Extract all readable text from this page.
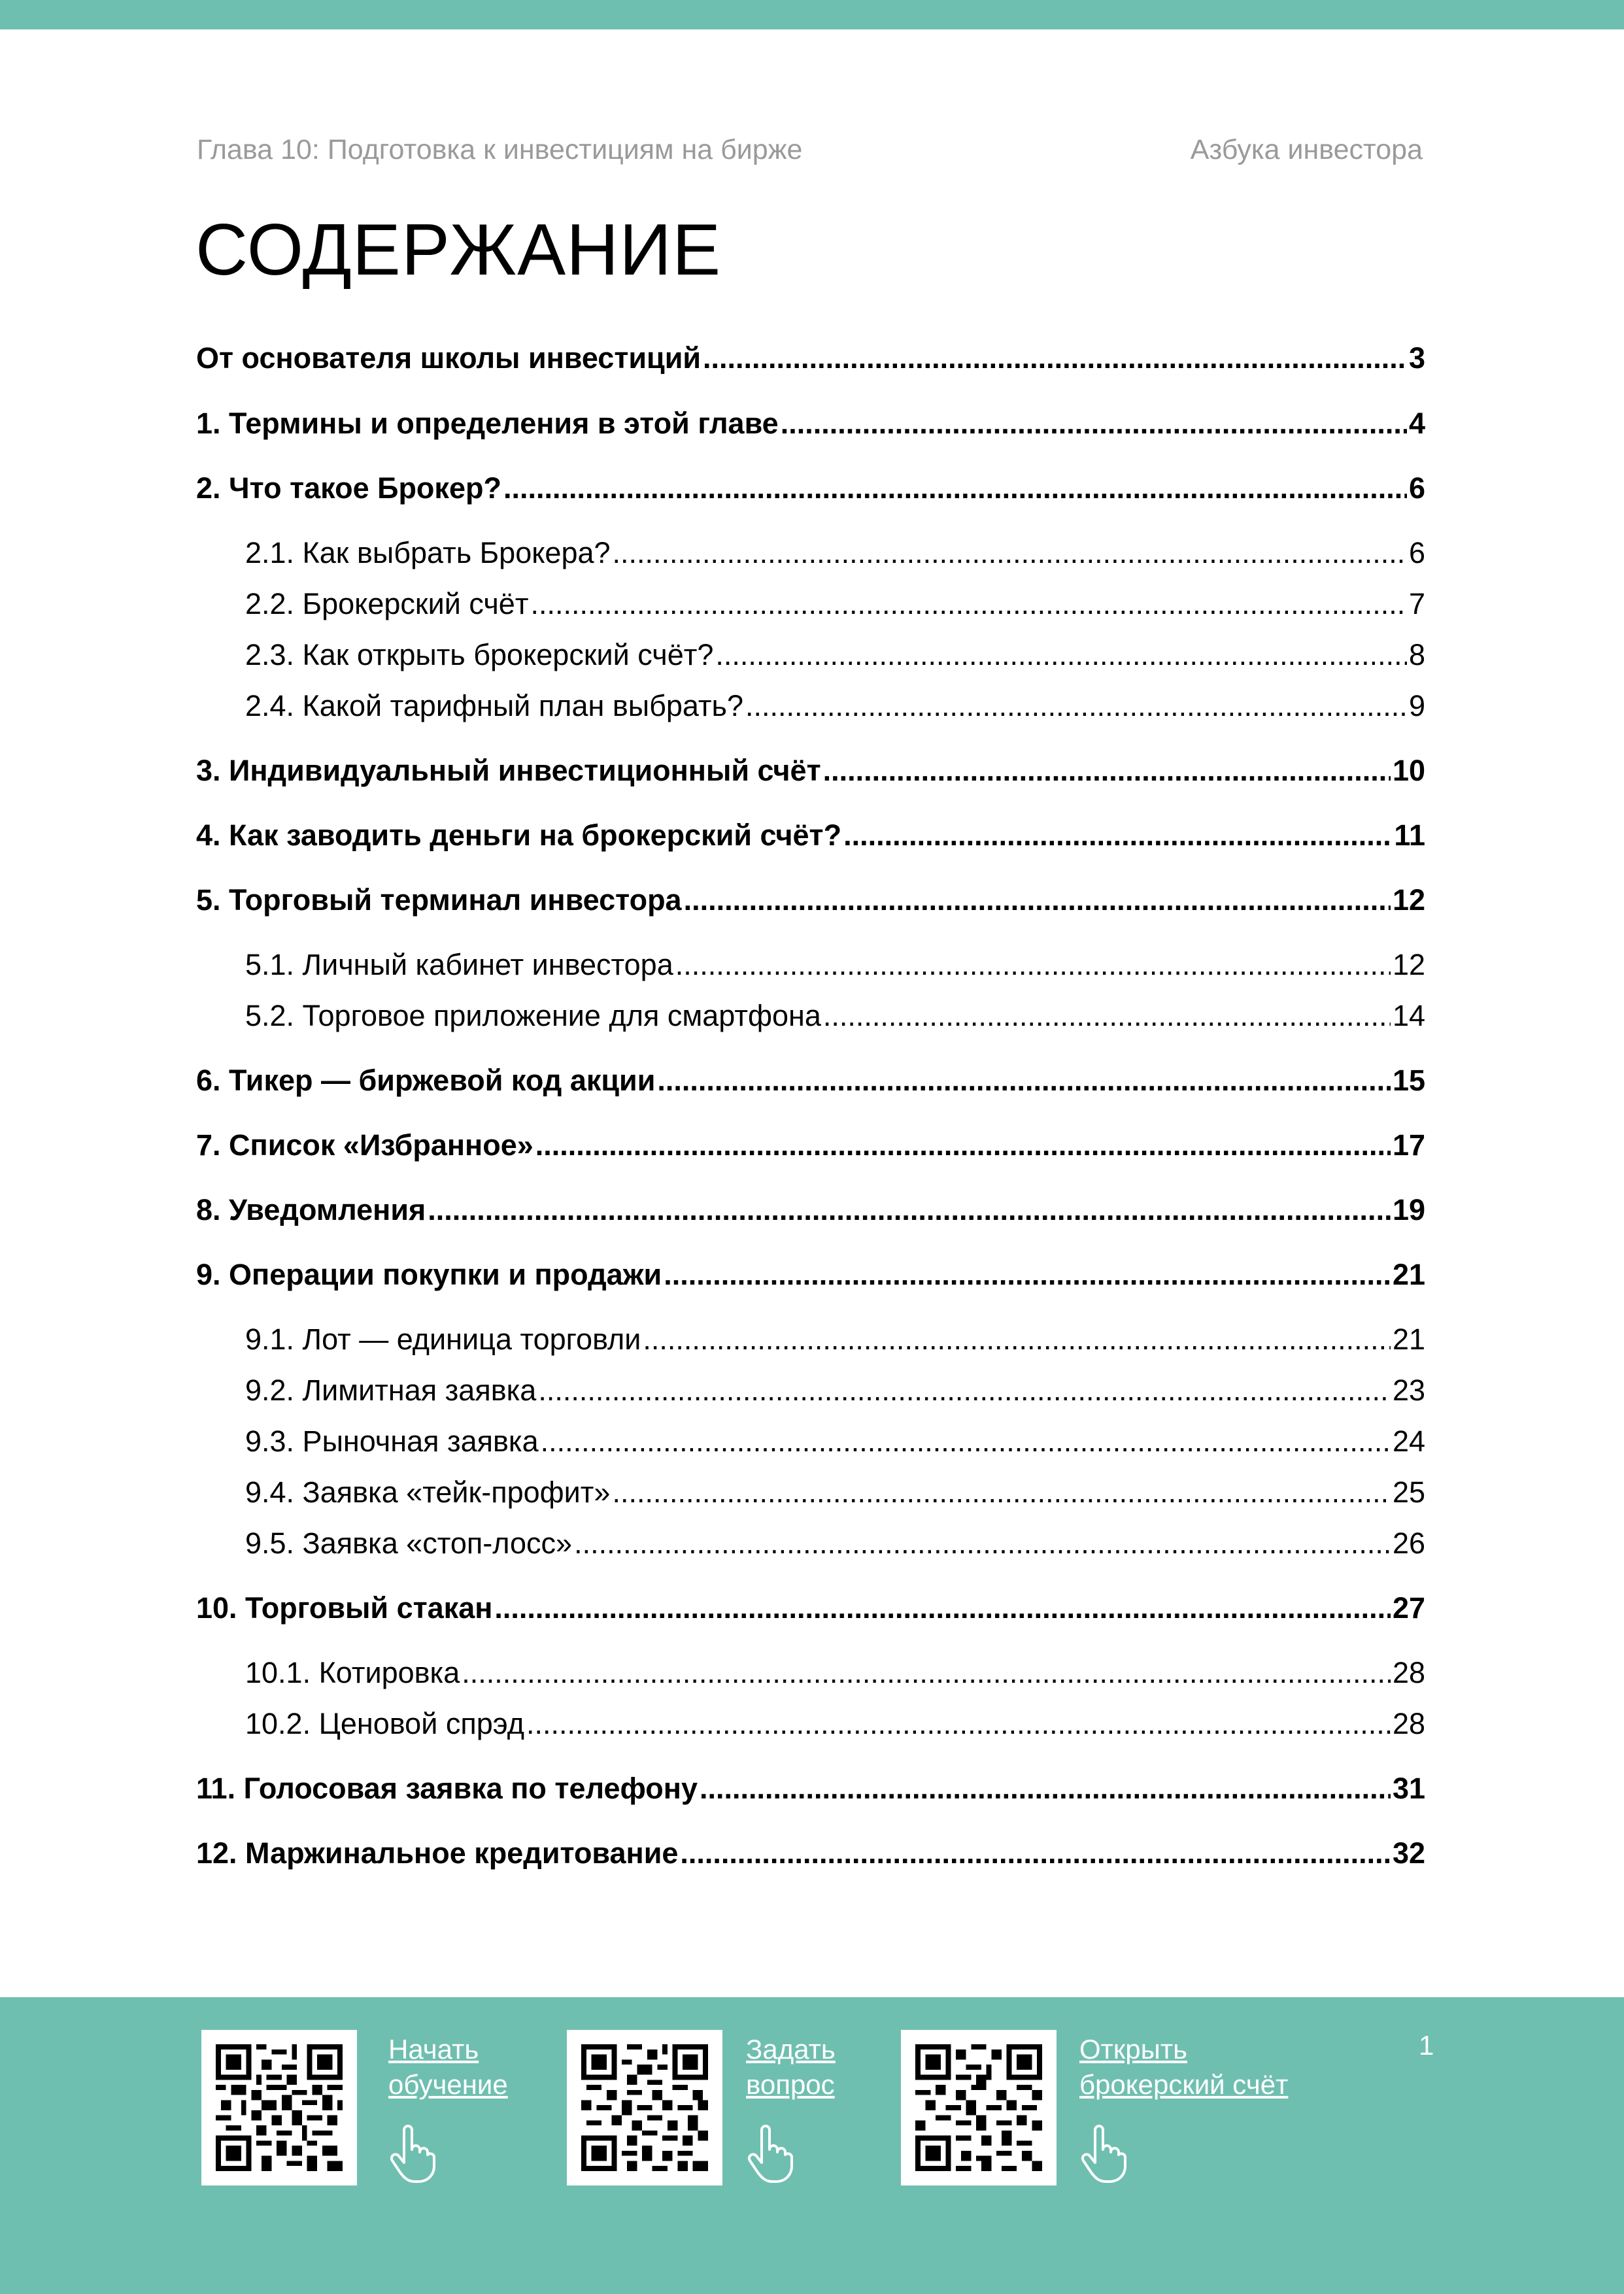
Глава 10: Подготовка к инвестициям на бирже	Азбука инвестора
СОДЕРЖАНИЕ
От основателя школы инвестиций .....	3
1. Термины и определения в этой главе .....	4
2. Что такое Брокер? .....	6
2.1. Как выбрать Брокера? .....	6
2.2. Брокерский счёт .....	7
2.3. Как открыть брокерский счёт? .....	8
2.4. Какой тарифный план выбрать? .....	9
3. Индивидуальный инвестиционный счёт .....	10
4. Как заводить деньги на брокерский счёт? .....	11
5. Торговый терминал инвестора .....	12
5.1. Личный кабинет инвестора .....	12
5.2. Торговое приложение для смартфона .....	14
6. Тикер — биржевой код акции .....	15
7. Список «Избранное» .....	17
8. Уведомления .....	19
9. Операции покупки и продажи .....	21
9.1. Лот — единица торговли .....	21
9.2. Лимитная заявка .....	23
9.3. Рыночная заявка .....	24
9.4. Заявка «тейк-профит» .....	25
9.5. Заявка «стоп-лосс» .....	26
10. Торговый стакан .....	27
10.1. Котировка .....	28
10.2. Ценовой спрэд .....	28
11. Голосовая заявка по телефону .....	31
12. Маржинальное кредитование .....	32
Начать
обучение
Задать
вопрос
Открыть
брокерский счёт
1
